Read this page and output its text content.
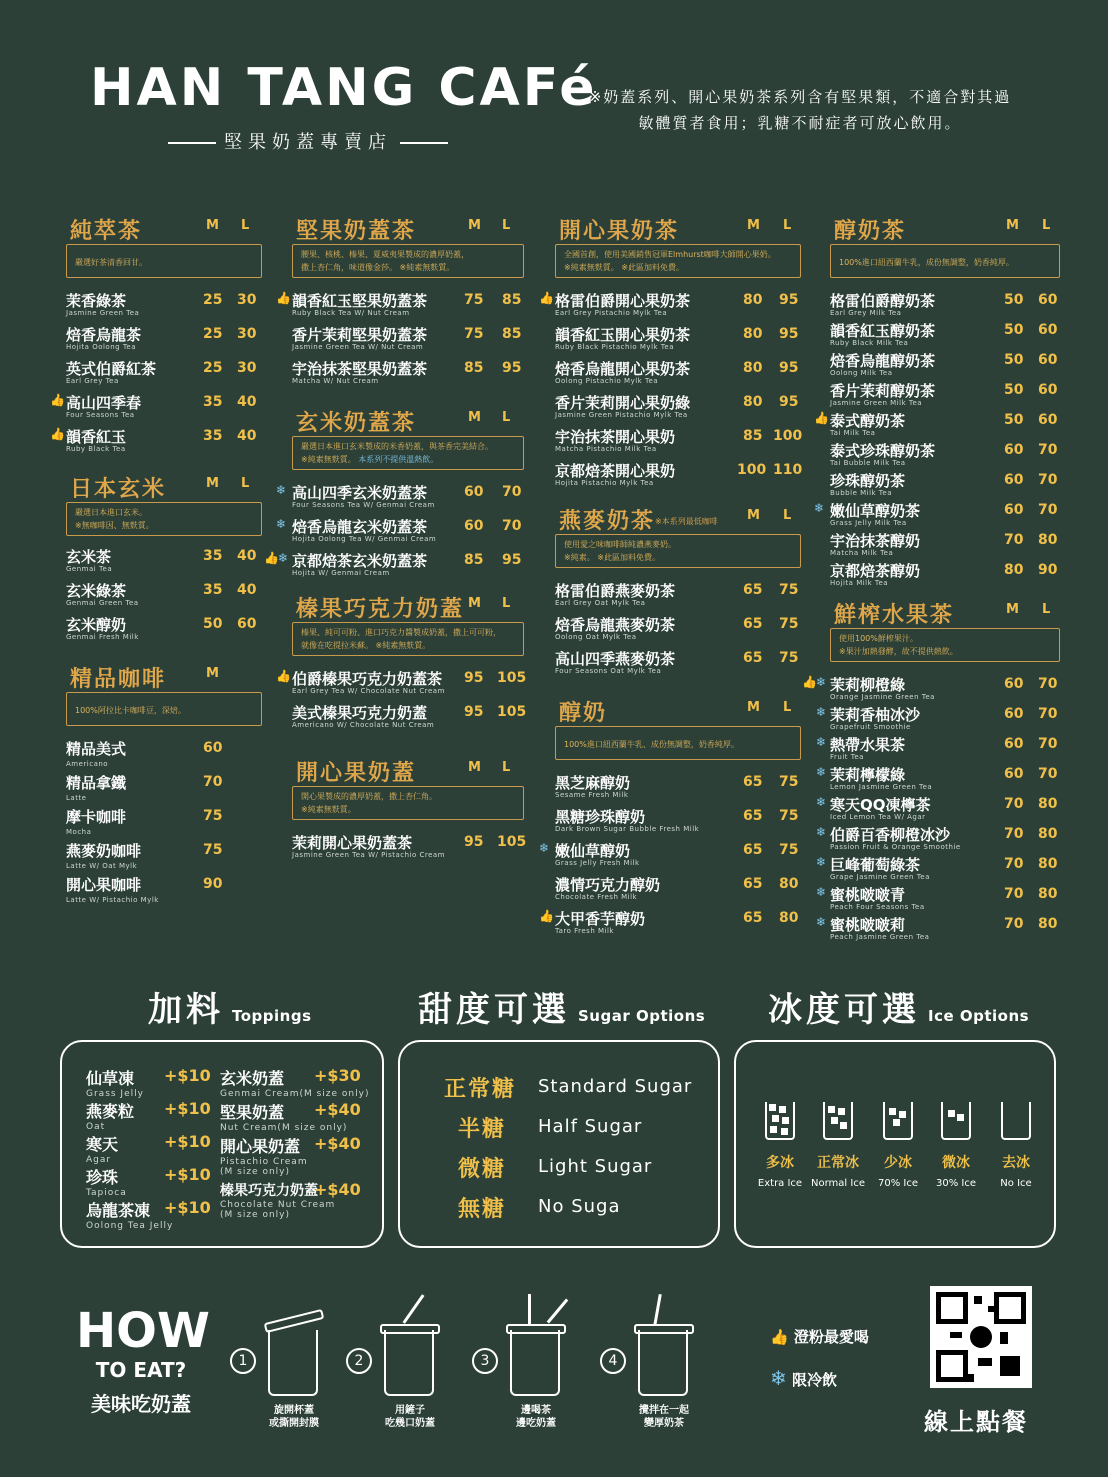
HAN TANG CAFé
堅果奶蓋專賣店
※奶蓋系列、開心果奶茶系列含有堅果類，不適合對其過
敏體質者食用；乳糖不耐症者可放心飲用。
純萃茶	M L
嚴選好茶清香回甘。
茉香綠茶
Jasmine Green Tea
25 30
焙香烏龍茶
Hojita Oolong Tea
25 30
英式伯爵紅茶
Earl Grey Tea
25 30
👍 高山四季春
Four Seasons Tea
35 40
👍 韻香紅玉
Ruby Black Tea
35 40
日本玄米	M L
嚴選日本進口玄米。
※無咖啡因、無麩質。
玄米茶
Genmai Tea
35 40
玄米綠茶
Genmai Green Tea
35 40
玄米醇奶
Genmai Fresh Milk
50 60
精品咖啡	M
100%阿拉比卡咖啡豆，深焙。
精品美式
Americano
60
精品拿鐵
Latte
70
摩卡咖啡
Mocha
75
燕麥奶咖啡
Latte W/ Oat Mylk
75
開心果咖啡
Latte W/ Pistachio Mylk
90
堅果奶蓋茶	M L
腰果、核桃、榛果、夏威夷果製成的濃厚奶蓋，
撒上杏仁角，味道像金莎。 ※純素無麩質。
👍 韻香紅玉堅果奶蓋茶
Ruby Black Tea W/ Nut Cream
75 85
香片茉莉堅果奶蓋茶
Jasmine Green Tea W/ Nut Cream
75 85
宇治抹茶堅果奶蓋茶
Matcha W/ Nut Cream
85 95
玄米奶蓋茶	M L
嚴選日本進口玄米製成的米香奶蓋，與茶香完美結合。
※純素無麩質。 本系列不提供溫熱飲。
❄ 高山四季玄米奶蓋茶
Four Seasons Tea W/ Genmai Cream
60 70
❄ 焙香烏龍玄米奶蓋茶
Hojita Oolong Tea W/ Genmai Cream
60 70
👍 ❄ 京都焙茶玄米奶蓋茶
Hojita W/ Genmai Cream
85 95
榛果巧克力奶蓋 M L
榛果、純可可粉、進口巧克力醬製成奶蓋，撒上可可粉，
就像在吃提拉米蘇。 ※純素無麩質。
👍 伯爵榛果巧克力奶蓋茶
Earl Grey Tea W/ Chocolate Nut Cream
95 105
美式榛果巧克力奶蓋
Americano W/ Chocolate Nut Cream
95 105
開心果奶蓋	M L
開心果製成的濃厚奶蓋，撒上杏仁角。
※純素無麩質。
茉莉開心果奶蓋茶
Jasmine Green Tea W/ Pistachio Cream
95 105
開心果奶茶	M L
全國首創，使用美國銷售冠軍Elmhurst咖啡大師開心果奶。
※純素無麩質。 ※此區加料免費。
👍 格雷伯爵開心果奶茶
Earl Grey Pistachio Mylk Tea
80 95
韻香紅玉開心果奶茶
Ruby Black Pistachio Mylk Tea
80 95
焙香烏龍開心果奶茶
Oolong Pistachio Mylk Tea
80 95
香片茉莉開心果奶綠
Jasmine Green Pistachio Mylk Tea
80 95
宇治抹茶開心果奶
Matcha Pistachio Milk Tea
85 100
京都焙茶開心果奶
Hojita Pistachio Mylk Tea
100 110
燕麥奶茶 ※本系列最低咖啡 M L
使用愛之味咖啡師純濃燕麥奶。
※純素。 ※此區加料免費。
格雷伯爵燕麥奶茶
Earl Grey Oat Mylk Tea
65 75
焙香烏龍燕麥奶茶
Oolong Oat Mylk Tea
65 75
高山四季燕麥奶茶
Four Seasons Oat Mylk Tea
65 75
醇奶	M L
100%進口紐西蘭牛乳、成份無調整，奶香純厚。
黑芝麻醇奶
Sesame Fresh Milk
65 75
黑糖珍珠醇奶
Dark Brown Sugar Bubble Fresh Milk
65 75
❄ 嫩仙草醇奶
Grass Jelly Fresh Milk
65 75
濃情巧克力醇奶
Chocolate Fresh Milk
65 80
👍 大甲香芋醇奶
Taro Fresh Milk
65 80
醇奶茶	M L
100%進口紐西蘭牛乳，成份無調整，奶香純厚。
格雷伯爵醇奶茶
Earl Grey Milk Tea
50 60
韻香紅玉醇奶茶
Ruby Black Milk Tea
50 60
焙香烏龍醇奶茶
Oolong Milk Tea
50 60
香片茉莉醇奶茶
Jasmine Green Milk Tea
50 60
👍 泰式醇奶茶
Tai Milk Tea
50 60
泰式珍珠醇奶茶
Tai Bubble Milk Tea
60 70
珍珠醇奶茶
Bubble Milk Tea
60 70
❄ 嫩仙草醇奶茶
Grass Jelly Milk Tea
60 70
宇治抹茶醇奶
Matcha Milk Tea
70 80
京都焙茶醇奶
Hojita Milk Tea
80 90
鮮榨水果茶	M L
使用100%鮮榨果汁。
※果汁加熱發酵，故不提供熱飲。
👍 ❄ 茉莉柳橙綠
Orange Jasmine Green Tea
60 70
❄ 茉莉香柚冰沙
Grapefruit Smoothie
60 70
❄ 熱帶水果茶
Fruit Tea
60 70
❄ 茉莉檸檬綠
Lemon Jasmine Green Tea
60 70
❄ 寒天QQ凍檸茶
Iced Lemon Tea W/ Agar
70 80
❄ 伯爵百香柳橙冰沙
Passion Fruit & Orange Smoothie
70 80
❄ 巨峰葡萄綠茶
Grape Jasmine Green Tea
70 80
❄ 蜜桃啵啵青
Peach Four Seasons Tea
70 80
❄ 蜜桃啵啵莉
Peach Jasmine Green Tea
70 80
加料 Toppings	甜度可選 Sugar Options 冰度可選 Ice Options
仙草凍
Grass Jelly
+$10
燕麥粒
Oat
+$10
寒天
Agar
+$10
珍珠
Tapioca
+$10
烏龍茶凍
Oolong Tea Jelly
+$10
玄米奶蓋
Genmai Cream(M size only)
+$30
堅果奶蓋
Nut Cream(M size only)
+$40
開心果奶蓋
Pistachio Cream
(M size only)
+$40
榛果巧克力奶蓋
Chocolate Nut Cream
(M size only)
+$40
正常糖 Standard Sugar
半糖 Half Sugar
微糖 Light Sugar
無糖 No Suga
多冰
Extra Ice
正常冰
Normal Ice
少冰
70% Ice
微冰
30% Ice
去冰
No Ice
HOW
TO EAT?
美味吃奶蓋
1
旋開杯蓋
或撕開封膜
2
用鏟子
吃幾口奶蓋
3
邊喝茶
邊吃奶蓋
4
攪拌在一起
變厚奶茶
👍 澄粉最愛喝
❄ 限冷飲
線上點餐
